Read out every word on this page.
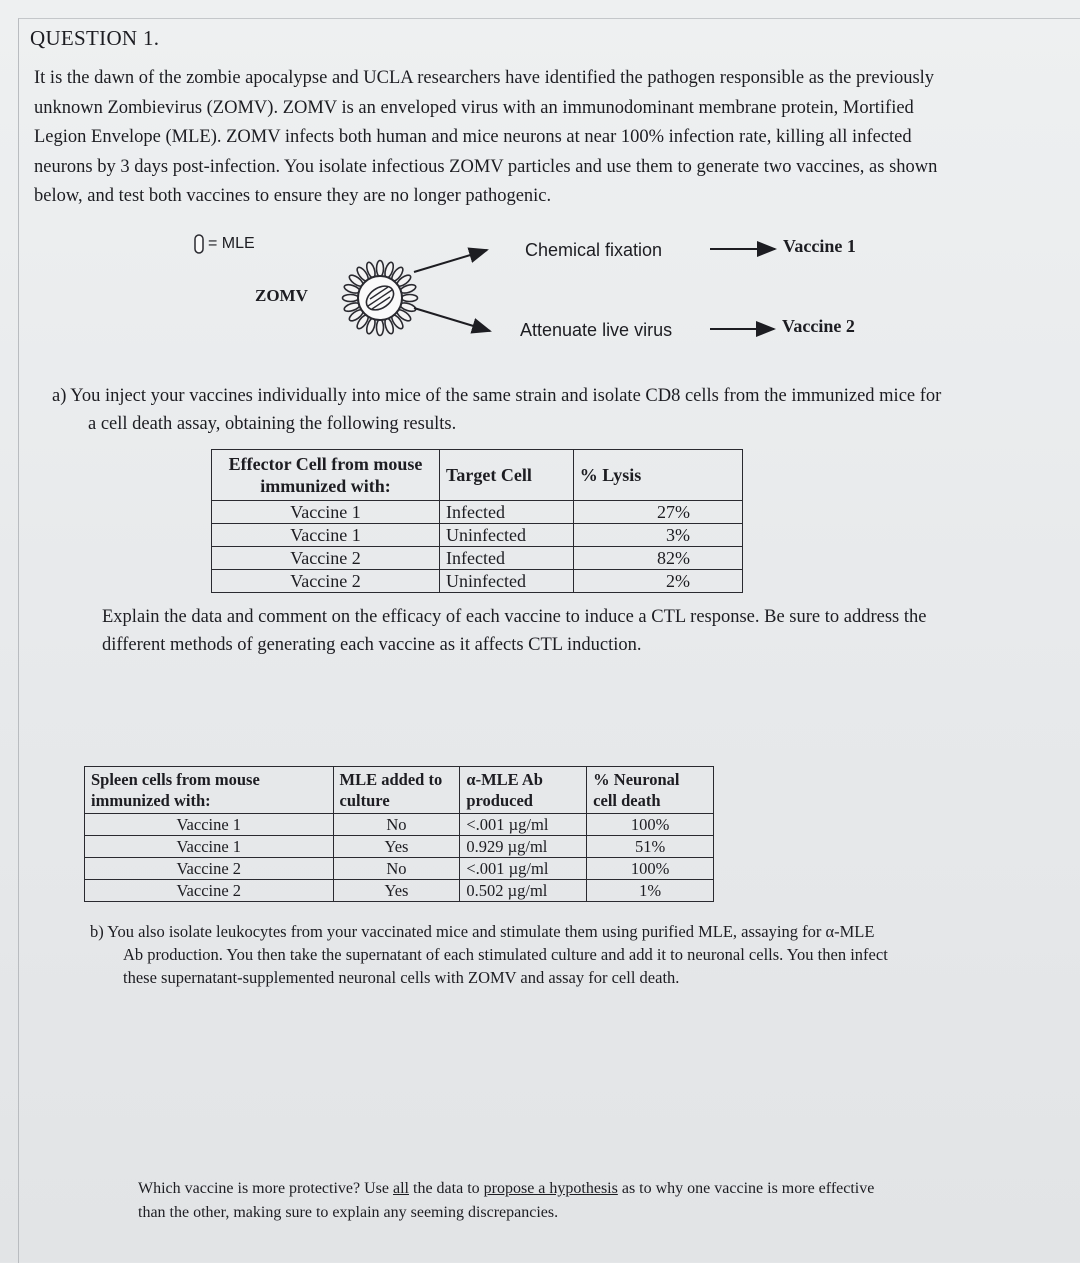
QUESTION 1.
It is the dawn of the zombie apocalypse and UCLA researchers have identified the pathogen responsible as the previously
unknown Zombievirus (ZOMV). ZOMV is an enveloped virus with an immunodominant membrane protein, Mortified
Legion Envelope (MLE). ZOMV infects both human and mice neurons at near 100% infection rate, killing all infected
neurons by 3 days post-infection. You isolate infectious ZOMV particles and use them to generate two vaccines, as shown
below, and test both vaccines to ensure they are no longer pathogenic.
= MLE
ZOMV
Chemical fixation
Attenuate live virus
Vaccine 1
Vaccine 2
a) You inject your vaccines individually into mice of the same strain and isolate CD8 cells from the immunized mice for
a cell death assay, obtaining the following results.
Effector Cell from mouse immunized with:	Target Cell	% Lysis
Vaccine 1	Infected	27%
Vaccine 1	Uninfected	3%
Vaccine 2	Infected	82%
Vaccine 2	Uninfected	2%
Explain the data and comment on the efficacy of each vaccine to induce a CTL response. Be sure to address the
different methods of generating each vaccine as it affects CTL induction.
Spleen cells from mouse immunized with:	MLE added to culture	α-MLE Ab produced	% Neuronal cell death
Vaccine 1	No	<.001 µg/ml	100%
Vaccine 1	Yes	0.929 µg/ml	51%
Vaccine 2	No	<.001 µg/ml	100%
Vaccine 2	Yes	0.502 µg/ml	1%
b) You also isolate leukocytes from your vaccinated mice and stimulate them using purified MLE, assaying for α-MLE
Ab production. You then take the supernatant of each stimulated culture and add it to neuronal cells. You then infect
these supernatant-supplemented neuronal cells with ZOMV and assay for cell death.
Which vaccine is more protective? Use all the data to propose a hypothesis as to why one vaccine is more effective
than the other, making sure to explain any seeming discrepancies.
